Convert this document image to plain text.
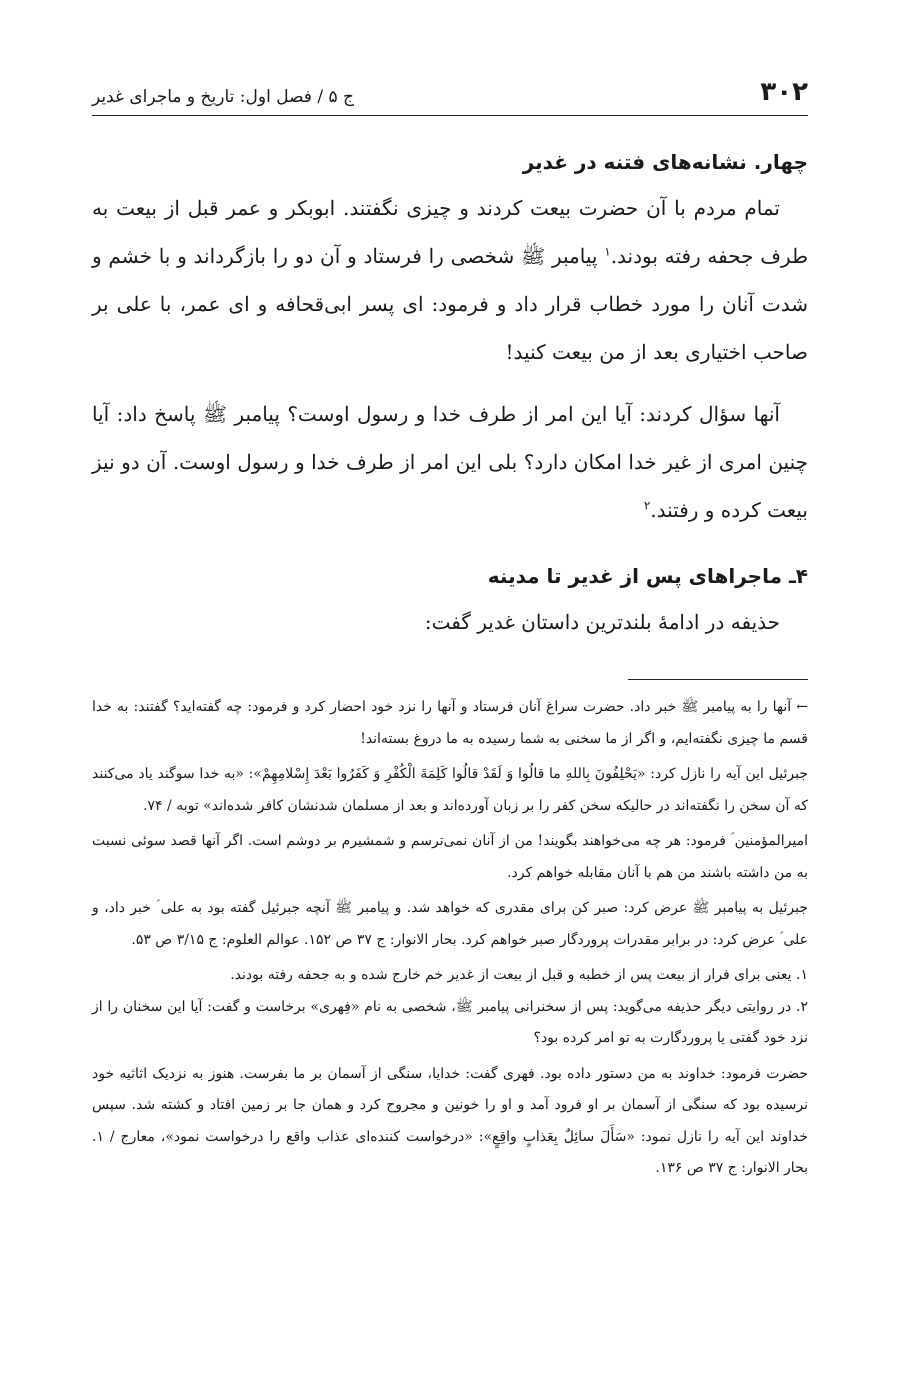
۳۰۲
ج ۵ / فصل اول: تاریخ و ماجرای غدیر
چهار. نشانه‌های فتنه در غدیر

تمام مردم با آن حضرت بیعت کردند و چیزی نگفتند. ابوبکر و عمر قبل از بیعت به طرف جحفه رفته بودند.$^۱$ پیامبر ﷺ شخصی را فرستاد و آن دو را بازگرداند و با خشم و شدت آنان را مورد خطاب قرار داد و فرمود: ای پسر ابی‌قحافه و ای عمر، با علی بر صاحب اختیاری بعد از من بیعت کنید!

آنها سؤال کردند: آیا این امر از طرف خدا و رسول اوست؟ پیامبر ﷺ پاسخ داد: آیا چنین امری از غیر خدا امکان دارد؟ بلی این امر از طرف خدا و رسول اوست. آن دو نیز بیعت کرده و رفتند.$^۲$

۴ـ ماجراهای پس از غدیر تا مدینه

حذیفه در ادامهٔ بلندترین داستان غدیر گفت:

← آنها را به پیامبر ﷺ خبر داد. حضرت سراغ آنان فرستاد و آنها را نزد خود احضار کرد و فرمود: چه گفته‌اید؟ گفتند: به خدا قسم ما چیزی نگفته‌ایم، و اگر از ما سخنی به شما رسیده به ما دروغ بسته‌اند!

جبرئیل این آیه را نازل کرد: «یَحْلِفُونَ بِاللهِ ما قالُوا وَ لَقَدْ قالُوا کَلِمَةَ الْکُفْرِ وَ کَفَرُوا بَعْدَ إِسْلامِهِمْ»: «به خدا سوگند یاد می‌کنند که آن سخن را نگفته‌اند در حالیکه سخن کفر را بر زبان آورده‌اند و بعد از مسلمان شدنشان کافر شده‌اند» توبه / ۷۴.

امیرالمؤمنین ؑ فرمود: هر چه می‌خواهند بگویند! من از آنان نمی‌ترسم و شمشیرم بر دوشم است. اگر آنها قصد سوئی نسبت به من داشته باشند من هم با آنان مقابله خواهم کرد.

جبرئیل به پیامبر ﷺ عرض کرد: صبر کن برای مقدری که خواهد شد. و پیامبر ﷺ آنچه جبرئیل گفته بود به علی ؑ خبر داد، و علی ؑ عرض کرد: در برابر مقدرات پروردگار صبر خواهم کرد. بحار الانوار: ج ۳۷ ص ۱۵۲. عوالم العلوم: ج ۳/۱۵ ص ۵۳.

۱. یعنی برای فرار از بیعت پس از خطبه و قبل از بیعت از غدیر خم خارج شده و به جحفه رفته بودند.

۲. در روایتی دیگر حذیفه می‌گوید: پس از سخنرانی پیامبر ﷺ، شخصی به نام «فِهری» برخاست و گفت: آیا این سخنان را از نزد خود گفتی یا پروردگارت به تو امر کرده بود؟

حضرت فرمود: خداوند به من دستور داده بود. فهری گفت: خدایا، سنگی از آسمان بر ما بفرست. هنوز به نزدیک اثاثیه خود نرسیده بود که سنگی از آسمان بر او فرود آمد و او را خونین و مجروح کرد و همان جا بر زمین افتاد و کشته شد. سپس خداوند این آیه را نازل نمود: «سَأَلَ سائِلٌ بِعَذابٍ واقِعٍ»: «درخواست کننده‌ای عذاب واقع را درخواست نمود»، معارج / ۱. بحار الانوار: ج ۳۷ ص ۱۳۶.
